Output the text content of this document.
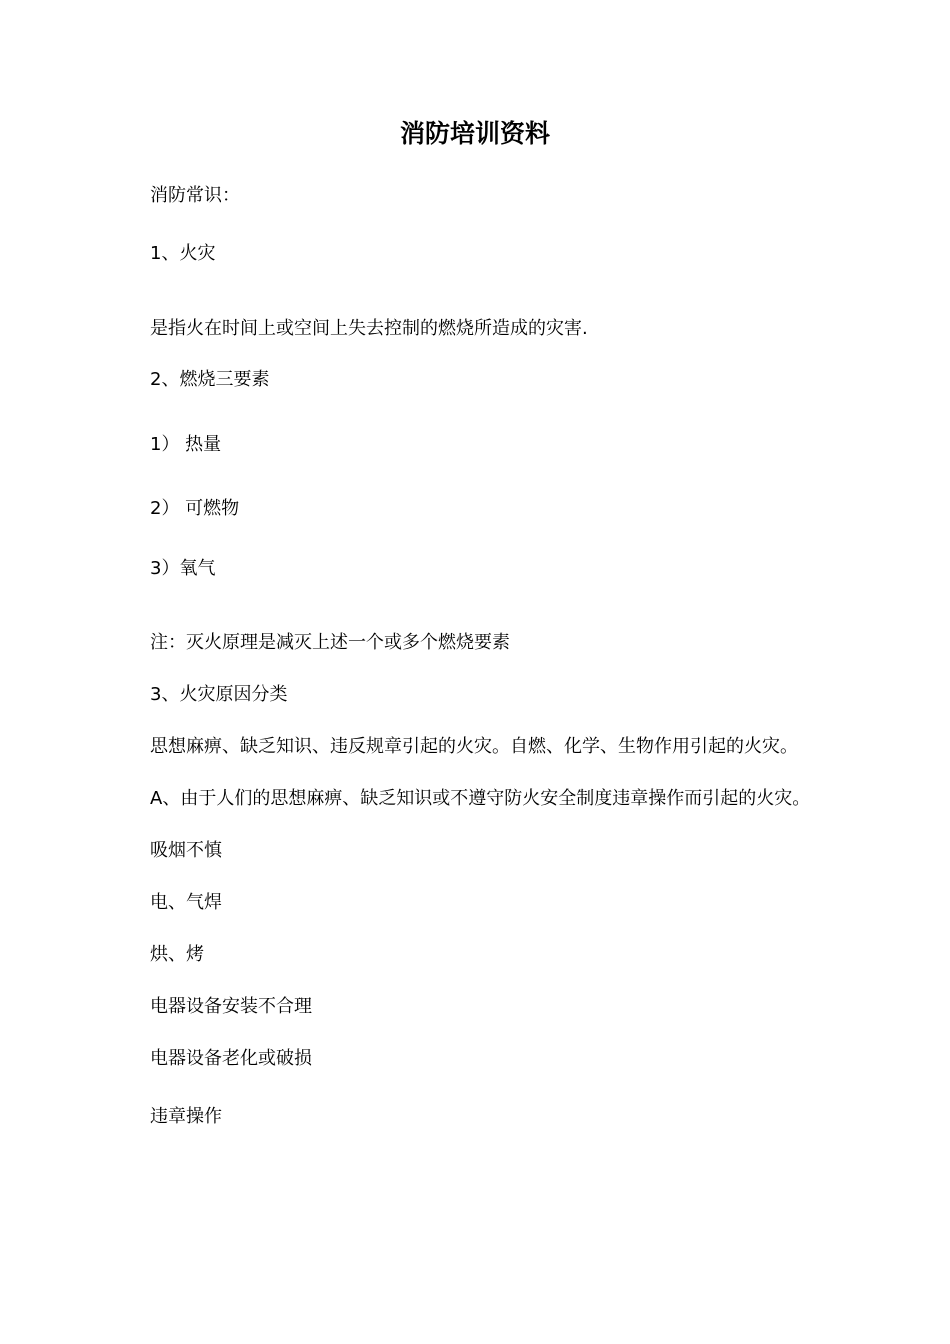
消防培训资料

消防常识：

1、火灾

是指火在时间上或空间上失去控制的燃烧所造成的灾害.

2、燃烧三要素

1） 热量

2） 可燃物

3）氧气

注：灭火原理是减灭上述一个或多个燃烧要素

3、火灾原因分类

思想麻痹、缺乏知识、违反规章引起的火灾。自燃、化学、生物作用引起的火灾。

A、由于人们的思想麻痹、缺乏知识或不遵守防火安全制度违章操作而引起的火灾。

吸烟不慎

电、气焊

烘、烤

电器设备安装不合理

电器设备老化或破损

违章操作
